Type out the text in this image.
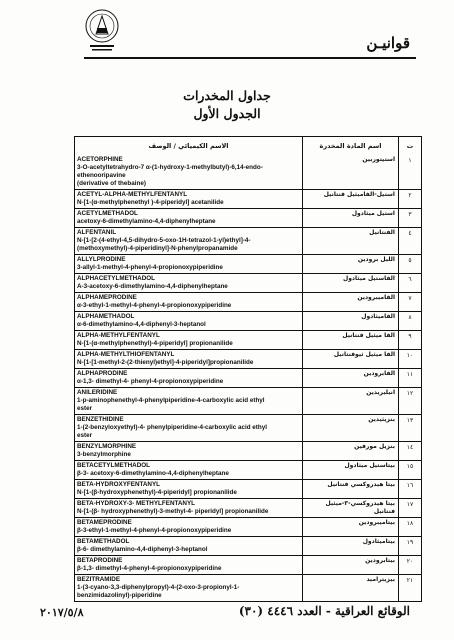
قوانيـن
جداول المخدرات
الجدول الأول
الاسم الكيميائي / الوصف	اسم المادة المخدرة	ت
ACETORPHINE
3-O-acetyltetrahydro-7 α-(1-hydroxy-1-methylbutyl)-6,14-endo-
ethenooripavine
(derivative of thebaine)
استيتوربين	١
ACETYL-ALPHA-METHYLFENTANYL
N-[1-(α-methylphenethyl )-4-piperidyl] acetanilide
استيل-الفاميثيل فنتانيل	٢
ACETYLMETHADOL
acetoxy-6-dimethylamino-4,4-diphenylheptane
استيل ميثادول	٣
ALFENTANIL
N-[1-[2-(4-ethyl-4,5-dihydro-5-oxo-1H-tetrazol-1-yl)ethyl]-4-
(methoxymethyl)-4-piperidinyl]-N-phenylpropanamide
الفنتانيل	٤
ALLYLPRODINE
3-allyl-1-methyl-4-phenyl-4-propionoxypiperidine
الليل برودين	٥
ALPHACETYLMETHADOL
A-3-acetoxy-6-dimethylamino-4,4-diphenylheptane
الفاستيل ميثادول	٦
ALPHAMEPRODINE
α-3-ethyl-1-methyl-4-phenyl-4-propionoxypiperidine
الفاميبرودين	٧
ALPHAMETHADOL
α-6-dimethylamino-4,4-diphenyl-3-heptanol
الفاميثادول	٨
ALPHA-METHYLFENTANYL
N-[1-(α-methylphenethyl)-4-piperidyl] propionanilide
الفا ميثيل فنتانيل	٩
ALPHA-METHYLTHIOFENTANYL
N-[1-[1-methyl-2-(2-thienyl)ethyl]-4-piperidyl]propionanilide
الفا ميثيل ثيوفنتانيل	١٠
ALPHAPRODINE
α-1,3- dimethyl-4- phenyl-4-propionoxypiperidine
الفابرودين	١١
ANILERIDINE
1-p-aminophenethyl-4-phenylpiperidine-4-carboxylic acid ethyl
ester
انيليريدين	١٢
BENZETHIDINE
1-(2-benzyloxyethyl)-4- phenylpiperidine-4-carboxylic acid ethyl
ester
بنزيثيدين	١٣
BENZYLMORPHINE
3-benzylmorphine
بنزيل مورفين	١٤
BETACETYLMETHADOL
β-3- acetoxy-6-dimethylamino-4,4-diphenylheptane
بيتاستيل ميثادول	١٥
BETA-HYDROXYFENTANYL
N-[1-(β-hydroxyphenethyl)-4-piperidyl] propionanilide
بيتا هيدروكسي فنتانيل	١٦
BETA-HYDROXY-3- METHYLFENTANYL
N-[1-(β- hydroxyphenethyl)-3-methyl-4- piperidyl] propionanilide
بيتا هيدروكسي-٣-ميثيل فنتانيل
١٧
BETAMEPRODINE
β-3-ethyl-1-methyl-4-phenyl-4-propionoxypiperidine
بيتاميبرودين	١٨
BETAMETHADOL
β-6- dimethylamino-4,4-diphenyl-3-heptanol
بيتاميثادول	١٩
BETAPRODINE
β-1,3- dimethyl-4-phenyl-4-propionoxypiperidine
بيتابرودين	٢٠
BEZITRAMIDE
1-(3-cyano-3,3-diphenylpropyl)-4-(2-oxo-3-propionyl-1-
benzimidazolinyl)-piperidine
بيزيتراميد	٢١
٢٠١٧/٥/٨	الوقائع العراقية - العدد ٤٤٤٦ (٣٠)
